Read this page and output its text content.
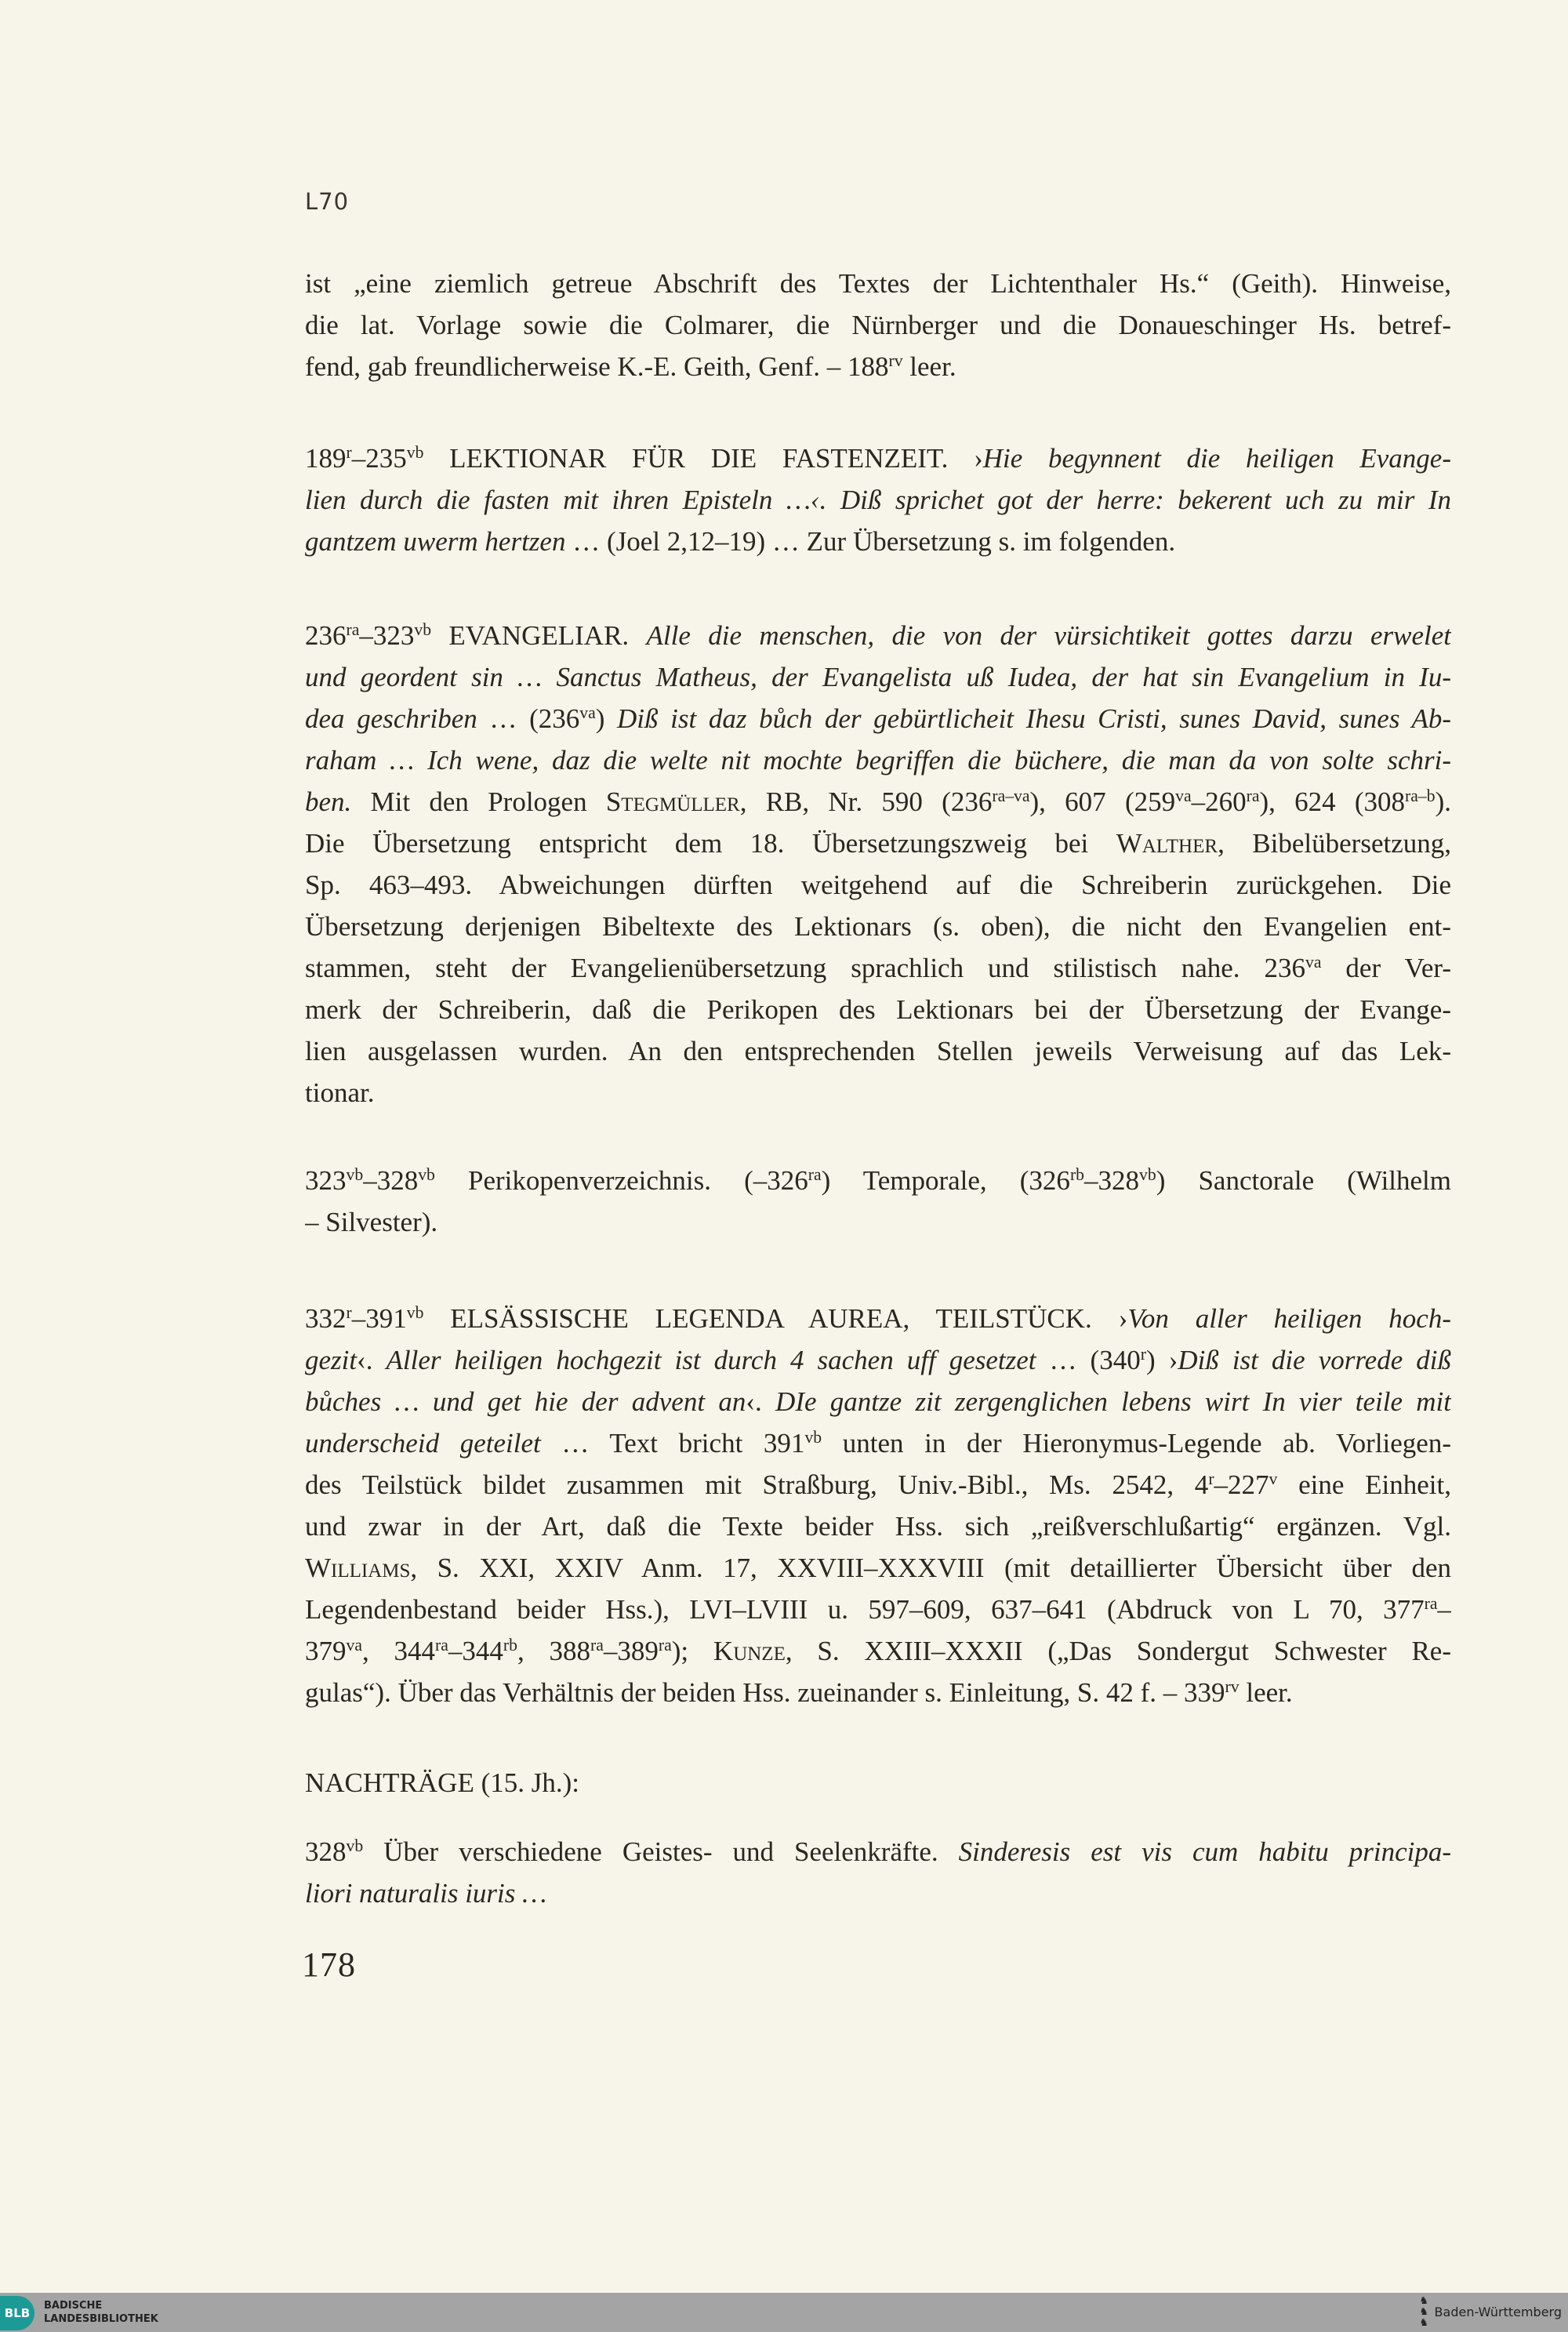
L70
ist „eine ziemlich getreue Abschrift des Textes der Lichtenthaler Hs.“ (Geith). Hinweise,
die lat. Vorlage sowie die Colmarer, die Nürnberger und die Donaueschinger Hs. betref-
fend, gab freundlicherweise K.-E. Geith, Genf. – $188^{rv}$ leer.
$189^r-235^{vb}$ LEKTIONAR FÜR DIE FASTENZEIT. ›Hie begynnent die heiligen Evange-
lien durch die fasten mit ihren Episteln …‹. Diß sprichet got der herre: bekerent uch zu mir In
gantzem uwerm hertzen … (Joel 2,12–19) … Zur Übersetzung s. im folgenden.
$236^{ra}-323^{vb}$ EVANGELIAR. Alle die menschen, die von der vürsichtikeit gottes darzu erwelet
und geordent sin … Sanctus Matheus, der Evangelista uß Iudea, der hat sin Evangelium in Iu-
dea geschriben … $(236^{va})$ Diß ist daz bůch der gebürtlicheit Ihesu Cristi, sunes David, sunes Ab-
raham … Ich wene, daz die welte nit mochte begriffen die büchere, die man da von solte schri-
ben. Mit den Prologen Stegmüller, RB, Nr. 590 $(236^{ra-va})$, 607 $(259^{va}-260^{ra})$, 624 $(308^{ra-b})$.
Die Übersetzung entspricht dem 18. Übersetzungszweig bei Walther, Bibelübersetzung,
Sp. 463–493. Abweichungen dürften weitgehend auf die Schreiberin zurückgehen. Die
Übersetzung derjenigen Bibeltexte des Lektionars (s. oben), die nicht den Evangelien ent-
stammen, steht der Evangelienübersetzung sprachlich und stilistisch nahe. $236^{va}$ der Ver-
merk der Schreiberin, daß die Perikopen des Lektionars bei der Übersetzung der Evange-
lien ausgelassen wurden. An den entsprechenden Stellen jeweils Verweisung auf das Lek-
tionar.
$323^{vb}-328^{vb}$ Perikopenverzeichnis. $(-326^{ra})$ Temporale, $(326^{rb}-328^{vb})$ Sanctorale (Wilhelm
– Silvester).
$332^r-391^{vb}$ ELSÄSSISCHE LEGENDA AUREA, TEILSTÜCK. ›Von aller heiligen hoch-
gezit‹. Aller heiligen hochgezit ist durch 4 sachen uff gesetzet … (340$^r$) ›Diß ist die vorrede diß
bůches … und get hie der advent an‹. DIe gantze zit zergenglichen lebens wirt In vier teile mit
underscheid geteilet … Text bricht $391^{vb}$ unten in der Hieronymus-Legende ab. Vorliegen-
des Teilstück bildet zusammen mit Straßburg, Univ.-Bibl., Ms. 2542, 4$^r$–227$^v$ eine Einheit,
und zwar in der Art, daß die Texte beider Hss. sich „reißverschlußartig“ ergänzen. Vgl.
Williams, S. XXI, XXIV Anm. 17, XXVIII–XXXVIII (mit detaillierter Übersicht über den
Legendenbestand beider Hss.), LVI–LVIII u. 597–609, 637–641 (Abdruck von L 70, $377^{ra}-$
$379^{va}$, $344^{ra}-344^{rb}$, $388^{ra}-389^{ra}$); Kunze, S. XXIII–XXXII („Das Sondergut Schwester Re-
gulas“). Über das Verhältnis der beiden Hss. zueinander s. Einleitung, S. 42 f. – $339^{rv}$ leer.
NACHTRÄGE (15. Jh.):
$328^{vb}$ Über verschiedene Geistes- und Seelenkräfte. Sinderesis est vis cum habitu principa-
liori naturalis iuris …
178
BLB
BADISCHE
LANDESBIBLIOTHEK
♞
♞
♞
Baden-Württemberg
